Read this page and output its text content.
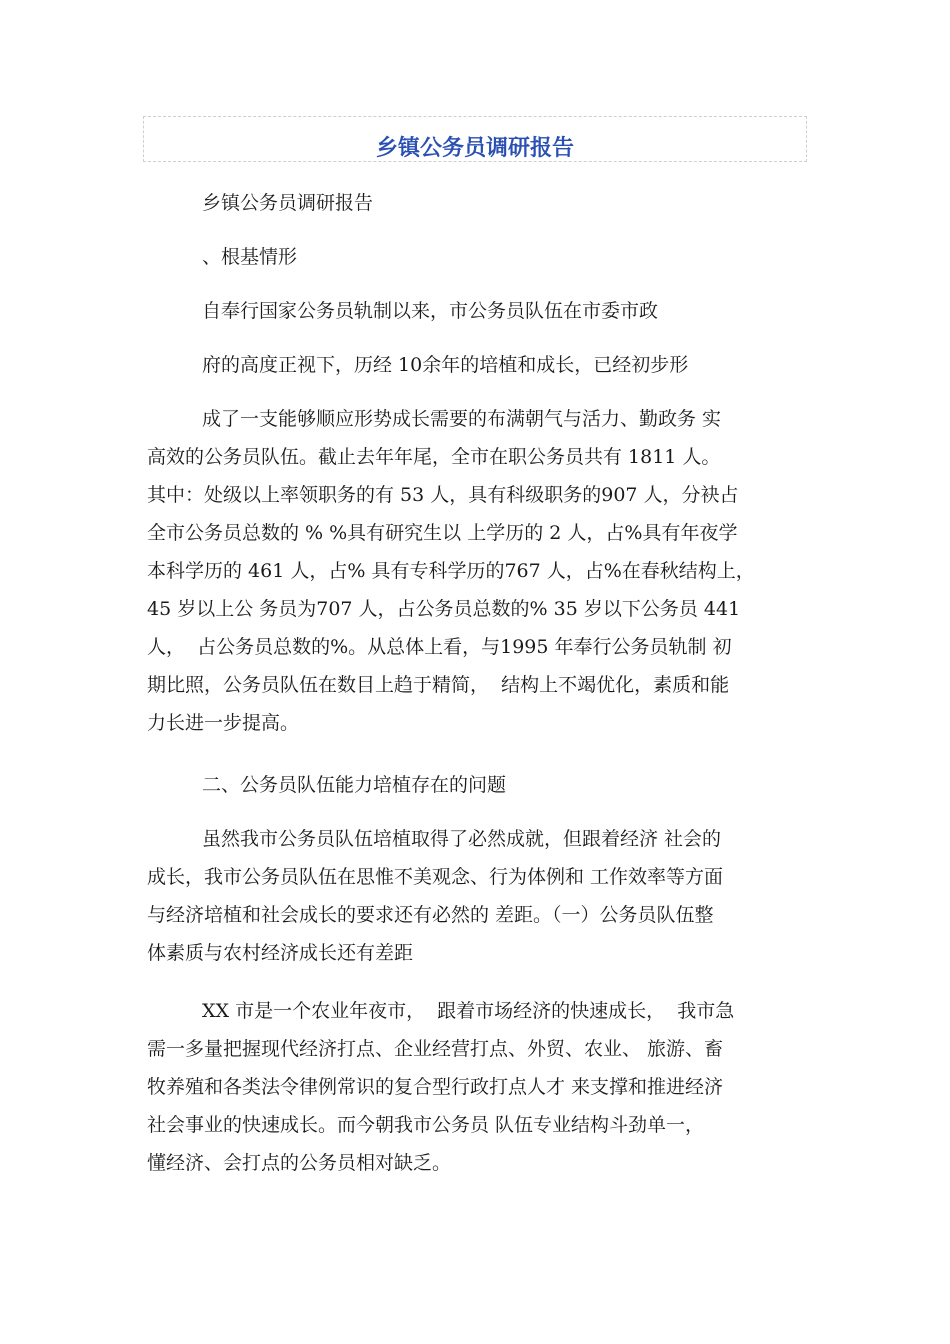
乡镇公务员调研报告
乡镇公务员调研报告
、根基情形
自奉行国家公务员轨制以来，市公务员队伍在市委市政
府的高度正视下，历经 10余年的培植和成长，已经初步形
成了一支能够顺应形势成长需要的布满朝气与活力、勤政务 实
高效的公务员队伍。截止去年年尾，全市在职公务员共有 1811 人。
其中：处级以上率领职务的有 53 人，具有科级职务的907 人，分袂占
全市公务员总数的 % %具有研究生以 上学历的 2 人，占%具有年夜学
本科学历的 461 人，占% 具有专科学历的767 人，占%在春秋结构上，
45 岁以上公 务员为707 人，占公务员总数的% 35 岁以下公务员 441
人，  占公务员总数的%。从总体上看，与1995 年奉行公务员轨制 初
期比照，公务员队伍在数目上趋于精简，  结构上不竭优化，素质和能
力长进一步提高。
二、公务员队伍能力培植存在的问题
虽然我市公务员队伍培植取得了必然成就，但跟着经济 社会的
成长，我市公务员队伍在思惟不美观念、行为体例和 工作效率等方面
与经济培植和社会成长的要求还有必然的 差距。（一）公务员队伍整
体素质与农村经济成长还有差距
XX 市是一个农业年夜市，  跟着市场经济的快速成长，  我市急
需一多量把握现代经济打点、企业经营打点、外贸、农业、 旅游、畜
牧养殖和各类法令律例常识的复合型行政打点人才 来支撑和推进经济
社会事业的快速成长。而今朝我市公务员 队伍专业结构斗劲单一，
懂经济、会打点的公务员相对缺乏。
